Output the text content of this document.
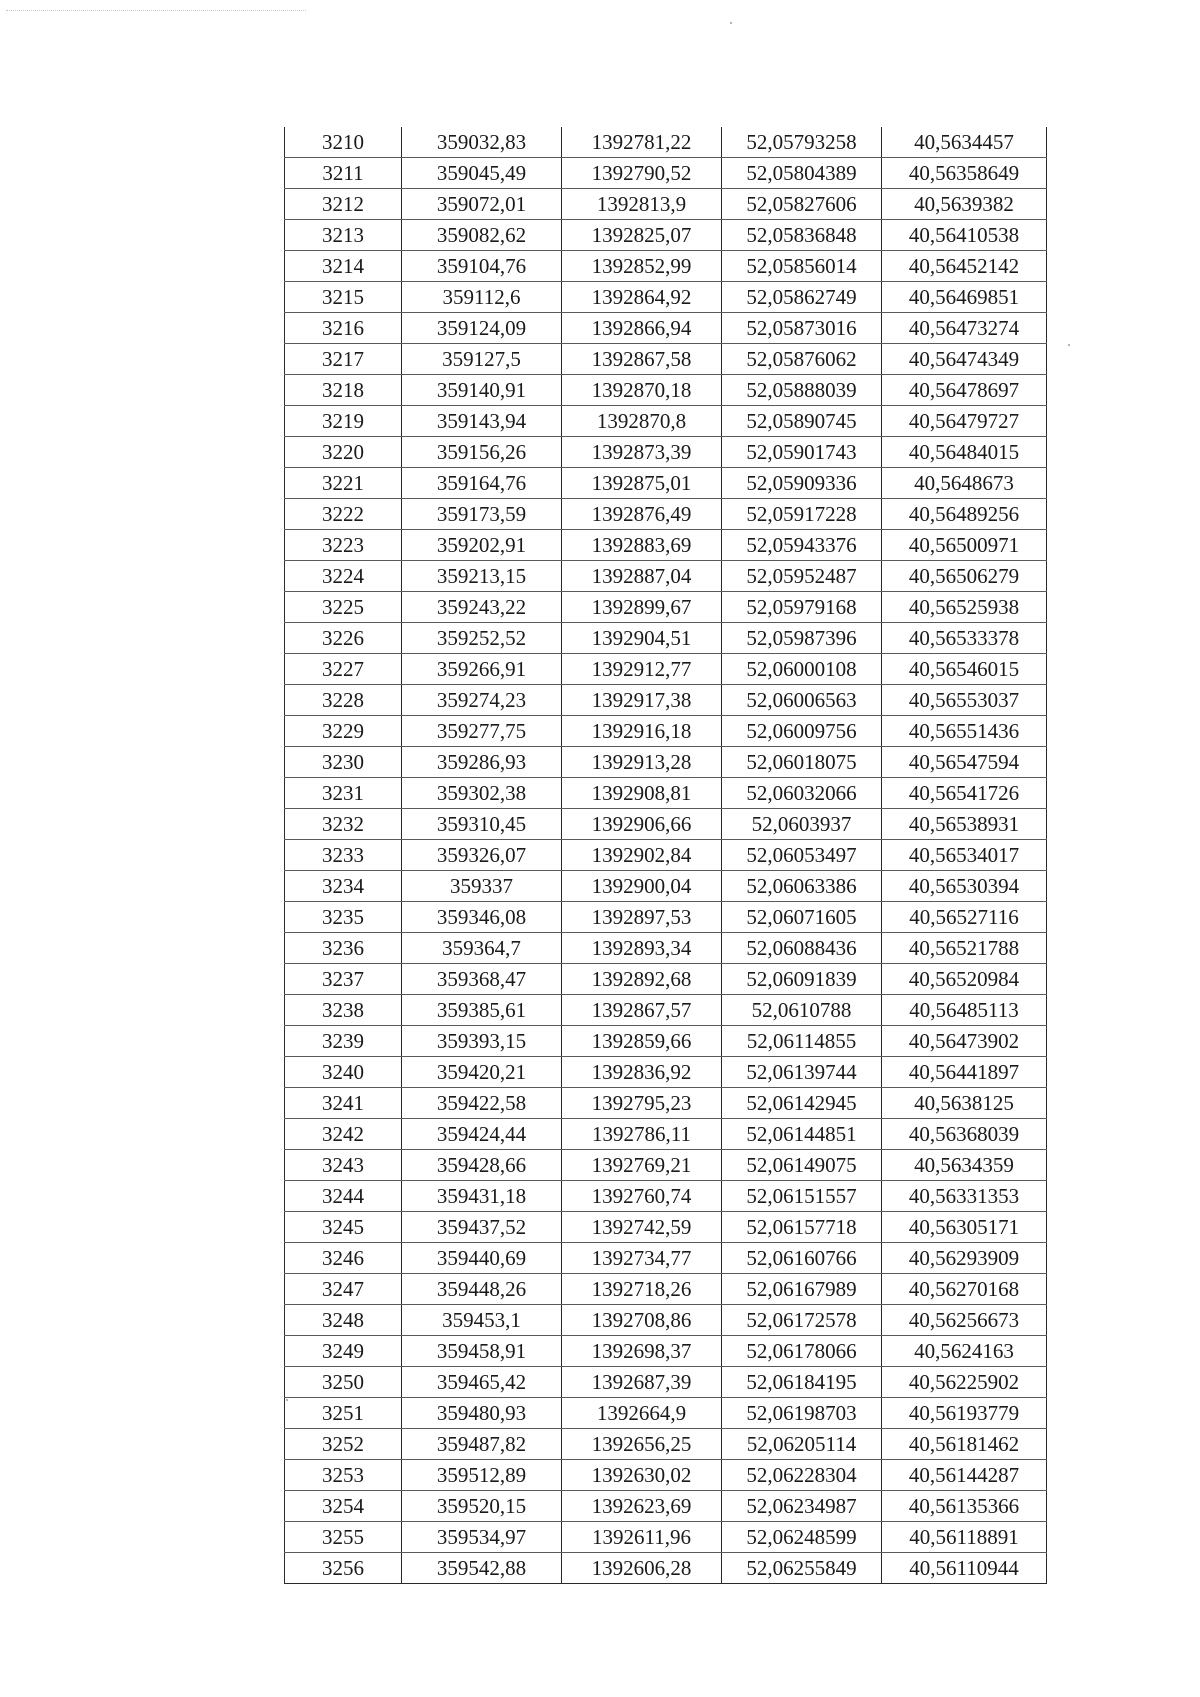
3210	359032,83	1392781,22	52,05793258	40,5634457
3211	359045,49	1392790,52	52,05804389	40,56358649
3212	359072,01	1392813,9	52,05827606	40,5639382
3213	359082,62	1392825,07	52,05836848	40,56410538
3214	359104,76	1392852,99	52,05856014	40,56452142
3215	359112,6	1392864,92	52,05862749	40,56469851
3216	359124,09	1392866,94	52,05873016	40,56473274
3217	359127,5	1392867,58	52,05876062	40,56474349
3218	359140,91	1392870,18	52,05888039	40,56478697
3219	359143,94	1392870,8	52,05890745	40,56479727
3220	359156,26	1392873,39	52,05901743	40,56484015
3221	359164,76	1392875,01	52,05909336	40,5648673
3222	359173,59	1392876,49	52,05917228	40,56489256
3223	359202,91	1392883,69	52,05943376	40,56500971
3224	359213,15	1392887,04	52,05952487	40,56506279
3225	359243,22	1392899,67	52,05979168	40,56525938
3226	359252,52	1392904,51	52,05987396	40,56533378
3227	359266,91	1392912,77	52,06000108	40,56546015
3228	359274,23	1392917,38	52,06006563	40,56553037
3229	359277,75	1392916,18	52,06009756	40,56551436
3230	359286,93	1392913,28	52,06018075	40,56547594
3231	359302,38	1392908,81	52,06032066	40,56541726
3232	359310,45	1392906,66	52,0603937	40,56538931
3233	359326,07	1392902,84	52,06053497	40,56534017
3234	359337	1392900,04	52,06063386	40,56530394
3235	359346,08	1392897,53	52,06071605	40,56527116
3236	359364,7	1392893,34	52,06088436	40,56521788
3237	359368,47	1392892,68	52,06091839	40,56520984
3238	359385,61	1392867,57	52,0610788	40,56485113
3239	359393,15	1392859,66	52,06114855	40,56473902
3240	359420,21	1392836,92	52,06139744	40,56441897
3241	359422,58	1392795,23	52,06142945	40,5638125
3242	359424,44	1392786,11	52,06144851	40,56368039
3243	359428,66	1392769,21	52,06149075	40,5634359
3244	359431,18	1392760,74	52,06151557	40,56331353
3245	359437,52	1392742,59	52,06157718	40,56305171
3246	359440,69	1392734,77	52,06160766	40,56293909
3247	359448,26	1392718,26	52,06167989	40,56270168
3248	359453,1	1392708,86	52,06172578	40,56256673
3249	359458,91	1392698,37	52,06178066	40,5624163
3250	359465,42	1392687,39	52,06184195	40,56225902
3251	359480,93	1392664,9	52,06198703	40,56193779
3252	359487,82	1392656,25	52,06205114	40,56181462
3253	359512,89	1392630,02	52,06228304	40,56144287
3254	359520,15	1392623,69	52,06234987	40,56135366
3255	359534,97	1392611,96	52,06248599	40,56118891
3256	359542,88	1392606,28	52,06255849	40,56110944
